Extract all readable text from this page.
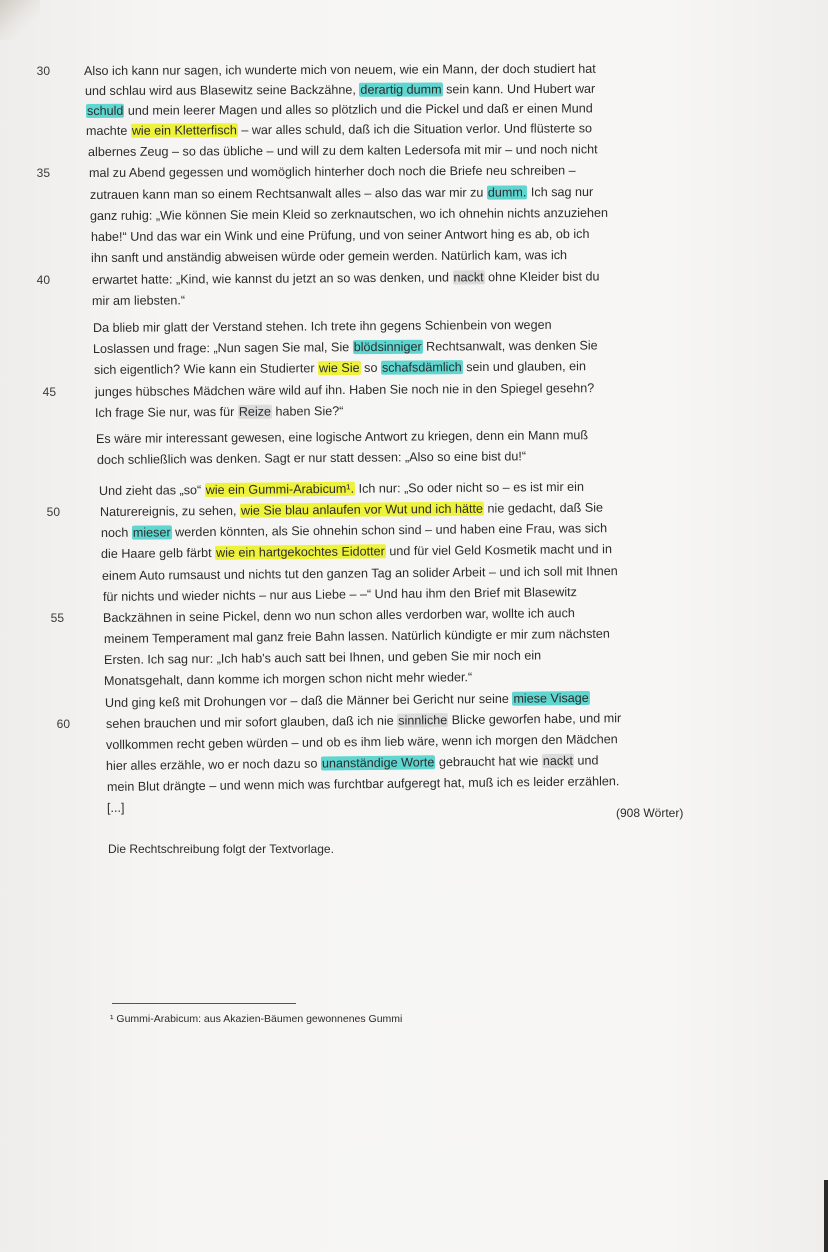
30	Also ich kann nur sagen, ich wunderte mich von neuem, wie ein Mann, der doch studiert hat
und schlau wird aus Blasewitz seine Backzähne, derartig dumm sein kann. Und Hubert war
schuld und mein leerer Magen und alles so plötzlich und die Pickel und daß er einen Mund
machte wie ein Kletterfisch – war alles schuld, daß ich die Situation verlor. Und flüsterte so
albernes Zeug – so das übliche – und will zu dem kalten Ledersofa mit mir – und noch nicht
35	mal zu Abend gegessen und womöglich hinterher doch noch die Briefe neu schreiben –
zutrauen kann man so einem Rechtsanwalt alles – also das war mir zu dumm. Ich sag nur
ganz ruhig: „Wie können Sie mein Kleid so zerknautschen, wo ich ohnehin nichts anzuziehen
habe!“ Und das war ein Wink und eine Prüfung, und von seiner Antwort hing es ab, ob ich
ihn sanft und anständig abweisen würde oder gemein werden. Natürlich kam, was ich
40	erwartet hatte: „Kind, wie kannst du jetzt an so was denken, und nackt ohne Kleider bist du
mir am liebsten.“
Da blieb mir glatt der Verstand stehen. Ich trete ihn gegens Schienbein von wegen
Loslassen und frage: „Nun sagen Sie mal, Sie blödsinniger Rechtsanwalt, was denken Sie
sich eigentlich? Wie kann ein Studierter wie Sie so schafsdämlich sein und glauben, ein
45	junges hübsches Mädchen wäre wild auf ihn. Haben Sie noch nie in den Spiegel gesehn?
Ich frage Sie nur, was für Reize haben Sie?“
Es wäre mir interessant gewesen, eine logische Antwort zu kriegen, denn ein Mann muß
doch schließlich was denken. Sagt er nur statt dessen: „Also so eine bist du!“
Und zieht das „so“ wie ein Gummi-Arabicum¹. Ich nur: „So oder nicht so – es ist mir ein
50	Naturereignis, zu sehen, wie Sie blau anlaufen vor Wut und ich hätte nie gedacht, daß Sie
noch mieser werden könnten, als Sie ohnehin schon sind – und haben eine Frau, was sich
die Haare gelb färbt wie ein hartgekochtes Eidotter und für viel Geld Kosmetik macht und in
einem Auto rumsaust und nichts tut den ganzen Tag an solider Arbeit – und ich soll mit Ihnen
für nichts und wieder nichts – nur aus Liebe – –“ Und hau ihm den Brief mit Blasewitz
55	Backzähnen in seine Pickel, denn wo nun schon alles verdorben war, wollte ich auch
meinem Temperament mal ganz freie Bahn lassen. Natürlich kündigte er mir zum nächsten
Ersten. Ich sag nur: „Ich hab's auch satt bei Ihnen, und geben Sie mir noch ein
Monatsgehalt, dann komme ich morgen schon nicht mehr wieder.“
Und ging keß mit Drohungen vor – daß die Männer bei Gericht nur seine miese Visage
60	sehen brauchen und mir sofort glauben, daß ich nie sinnliche Blicke geworfen habe, und mir
vollkommen recht geben würden – und ob es ihm lieb wäre, wenn ich morgen den Mädchen
hier alles erzähle, wo er noch dazu so unanständige Worte gebraucht hat wie nackt und
mein Blut drängte – und wenn mich was furchtbar aufgeregt hat, muß ich es leider erzählen.
[...]	(908 Wörter)
Die Rechtschreibung folgt der Textvorlage.
¹ Gummi-Arabicum: aus Akazien-Bäumen gewonnenes Gummi
